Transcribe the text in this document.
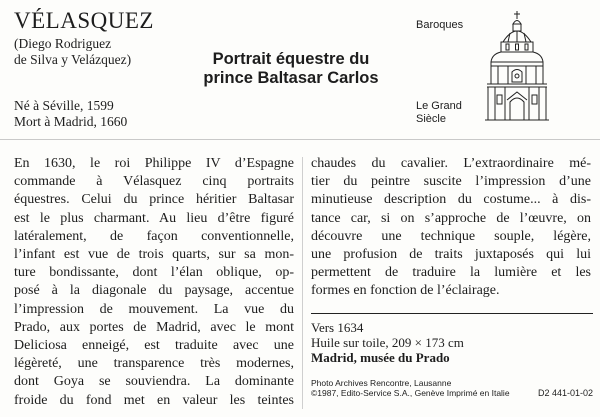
VÉLASQUEZ
(Diego Rodriguez
de Silva y Velázquez)
Né à Séville, 1599
Mort à Madrid, 1660
Portrait équestre du
prince Baltasar Carlos
Baroques
Le Grand
Siècle
En 1630, le roi Philippe IV d’Espagne
commande à Vélasquez cinq portraits
équestres. Celui du prince héritier Baltasar
est le plus charmant. Au lieu d’être figuré
latéralement, de façon conventionnelle,
l’infant est vue de trois quarts, sur sa mon-
ture bondissante, dont l’élan oblique, op-
posé à la diagonale du paysage, accentue
l’impression de mouvement. La vue du
Prado, aux portes de Madrid, avec le mont
Deliciosa enneigé, est traduite avec une
légèreté, une transparence très modernes,
dont Goya se souviendra. La dominante
froide du fond met en valeur les teintes
chaudes du cavalier. L’extraordinaire mé-
tier du peintre suscite l’impression d’une
minutieuse description du costume... à dis-
tance car, si on s’approche de l’œuvre, on
découvre une technique souple, légère,
une profusion de traits juxtaposés qui lui
permettent de traduire la lumière et les
formes en fonction de l’éclairage.
Vers 1634
Huile sur toile, 209 × 173 cm
Madrid, musée du Prado
Photo Archives Rencontre, Lausanne
©1987, Edito-Service S.A., Genève Imprimé en Italie	D2 441-01-02
